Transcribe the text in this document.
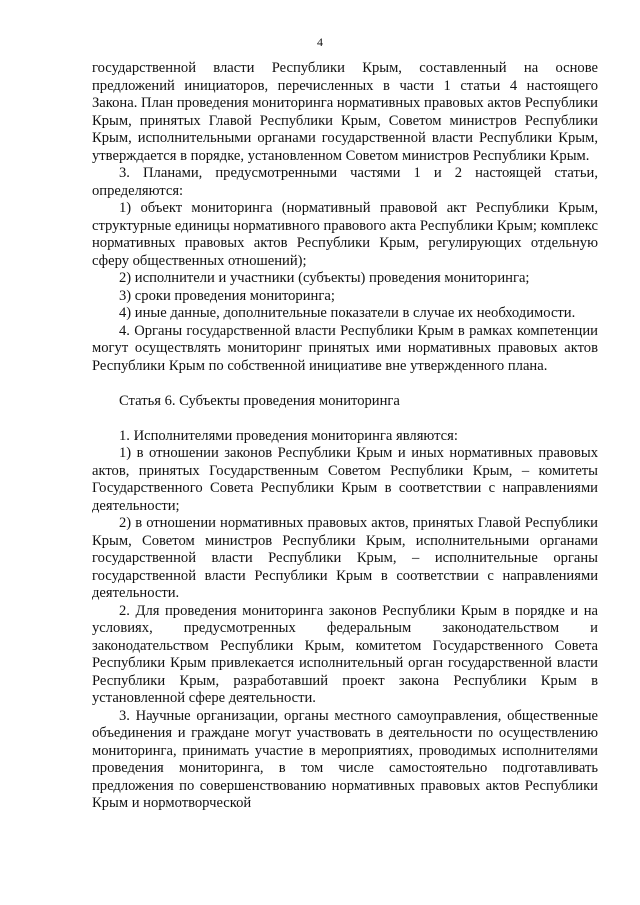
4

государственной власти Республики Крым, составленный на основе предложений инициаторов, перечисленных в части 1 статьи 4 настоящего Закона. План проведения мониторинга нормативных правовых актов Республики Крым, принятых Главой Республики Крым, Советом министров Республики Крым, исполнительными органами государственной власти Республики Крым, утверждается в порядке, установленном Советом министров Республики Крым.

3. Планами, предусмотренными частями 1 и 2 настоящей статьи, определяются:

1) объект мониторинга (нормативный правовой акт Республики Крым, структурные единицы нормативного правового акта Республики Крым; комплекс нормативных правовых актов Республики Крым, регулирующих отдельную сферу общественных отношений);

2) исполнители и участники (субъекты) проведения мониторинга;

3) сроки проведения мониторинга;

4) иные данные, дополнительные показатели в случае их необходимости.

4. Органы государственной власти Республики Крым в рамках компетенции могут осуществлять мониторинг принятых ими нормативных правовых актов Республики Крым по собственной инициативе вне утвержденного плана.

Статья 6. Субъекты проведения мониторинга

1. Исполнителями проведения мониторинга являются:

1) в отношении законов Республики Крым и иных нормативных правовых актов, принятых Государственным Советом Республики Крым, – комитеты Государственного Совета Республики Крым в соответствии с направлениями деятельности;

2) в отношении нормативных правовых актов, принятых Главой Республики Крым, Советом министров Республики Крым, исполнительными органами государственной власти Республики Крым, – исполнительные органы государственной власти Республики Крым в соответствии с направлениями деятельности.

2. Для проведения мониторинга законов Республики Крым в порядке и на условиях, предусмотренных федеральным законодательством и законодательством Республики Крым, комитетом Государственного Совета Республики Крым привлекается исполнительный орган государственной власти Республики Крым, разработавший проект закона Республики Крым в установленной сфере деятельности.

3. Научные организации, органы местного самоуправления, общественные объединения и граждане могут участвовать в деятельности по осуществлению мониторинга, принимать участие в мероприятиях, проводимых исполнителями проведения мониторинга, в том числе самостоятельно подготавливать предложения по совершенствованию нормативных правовых актов Республики Крым и нормотворческой
